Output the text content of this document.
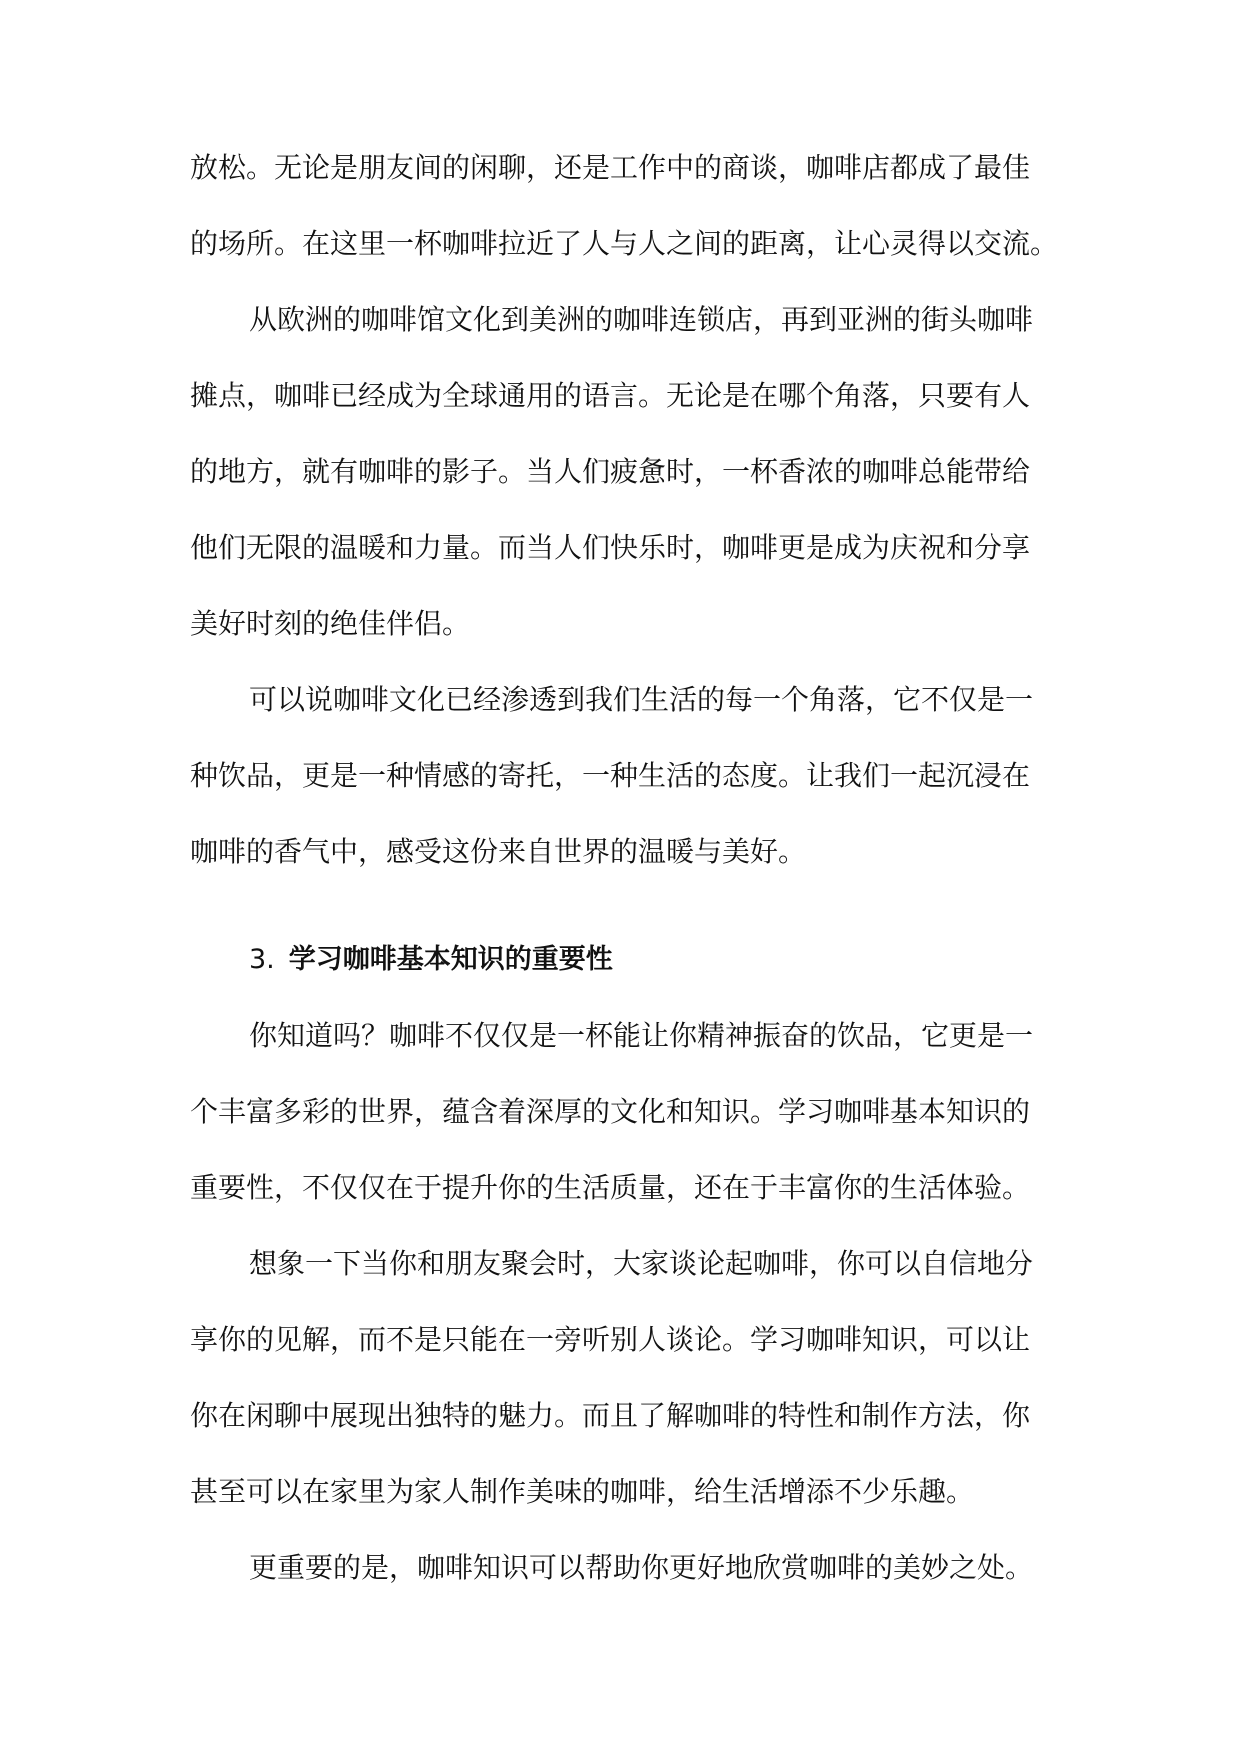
放松。无论是朋友间的闲聊，还是工作中的商谈，咖啡店都成了最佳
的场所。在这里一杯咖啡拉近了人与人之间的距离，让心灵得以交流。
从欧洲的咖啡馆文化到美洲的咖啡连锁店，再到亚洲的街头咖啡
摊点，咖啡已经成为全球通用的语言。无论是在哪个角落，只要有人
的地方，就有咖啡的影子。当人们疲惫时，一杯香浓的咖啡总能带给
他们无限的温暖和力量。而当人们快乐时，咖啡更是成为庆祝和分享
美好时刻的绝佳伴侣。
可以说咖啡文化已经渗透到我们生活的每一个角落，它不仅是一
种饮品，更是一种情感的寄托，一种生活的态度。让我们一起沉浸在
咖啡的香气中，感受这份来自世界的温暖与美好。
3. 学习咖啡基本知识的重要性
你知道吗？咖啡不仅仅是一杯能让你精神振奋的饮品，它更是一
个丰富多彩的世界，蕴含着深厚的文化和知识。学习咖啡基本知识的
重要性，不仅仅在于提升你的生活质量，还在于丰富你的生活体验。
想象一下当你和朋友聚会时，大家谈论起咖啡，你可以自信地分
享你的见解，而不是只能在一旁听别人谈论。学习咖啡知识，可以让
你在闲聊中展现出独特的魅力。而且了解咖啡的特性和制作方法，你
甚至可以在家里为家人制作美味的咖啡，给生活增添不少乐趣。
更重要的是，咖啡知识可以帮助你更好地欣赏咖啡的美妙之处。
